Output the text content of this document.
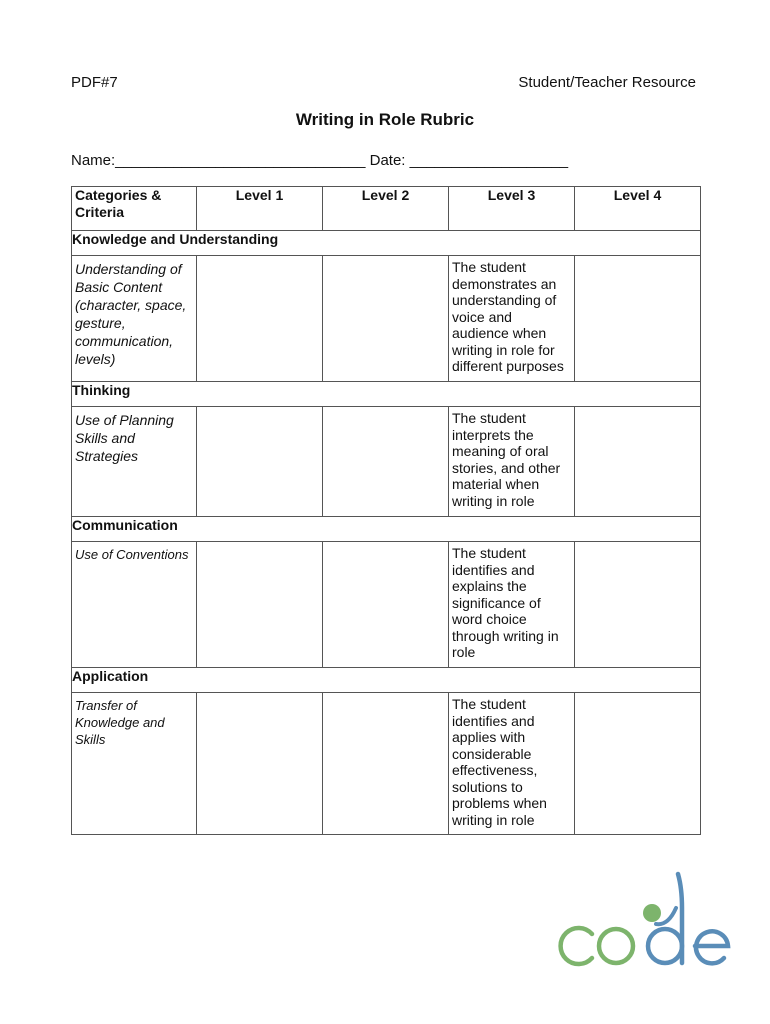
PDF#7	Student/Teacher Resource
Writing in Role Rubric
Name:______________________________ Date: ___________________
Categories & Criteria	Level 1	Level 2	Level 3	Level 4
Knowledge and Understanding				
Understanding of Basic Content (character, space, gesture, communication, levels)			The student demonstrates an understanding of voice and audience when writing in role for different purposes	
Thinking				
Use of Planning Skills and Strategies			The student interprets the meaning of oral stories, and other material when writing in role	
Communication				
Use of Conventions			The student identifies and explains the significance of word choice through writing in role	
Application				
Transfer of Knowledge and Skills			The student identifies and applies with considerable effectiveness, solutions to problems when writing in role	
